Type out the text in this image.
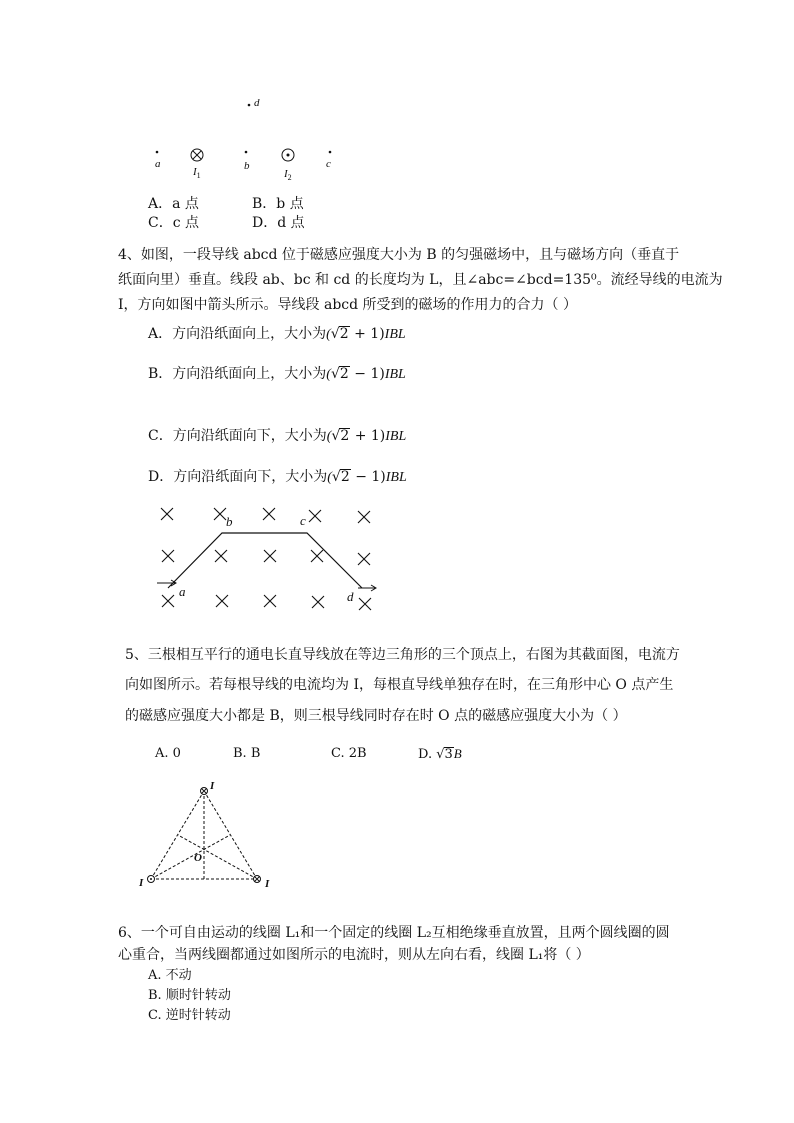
d
a	b	c
$I_1$	$I_2$
A．a 点	B．b 点
C．c 点	D．d 点
4、如图，一段导线 abcd 位于磁感应强度大小为 B 的匀强磁场中，且与磁场方向（垂直于
纸面向里）垂直。线段 ab、bc 和 cd 的长度均为 L，且∠abc=∠bcd=135⁰。流经导线的电流为
I，方向如图中箭头所示。导线段 abcd 所受到的磁场的作用力的合力（ ）
A．方向沿纸面向上，大小为(√2 + 1)IBL
B．方向沿纸面向上，大小为(√2 − 1)IBL
C．方向沿纸面向下，大小为(√2 + 1)IBL
D．方向沿纸面向下，大小为(√2 − 1)IBL
a
b	c
d
5、三根相互平行的通电长直导线放在等边三角形的三个顶点上，右图为其截面图，电流方
向如图所示。若每根导线的电流均为 I，每根直导线单独存在时，在三角形中心 O 点产生
的磁感应强度大小都是 B，则三根导线同时存在时 O 点的磁感应强度大小为（ ）
A. 0	B. B	C. 2B	D. √3B
I
I	I
O
6、一个可自由运动的线圈 L₁和一个固定的线圈 L₂互相绝缘垂直放置，且两个圆线圈的圆
心重合，当两线圈都通过如图所示的电流时，则从左向右看，线圈 L₁将（ ）
A. 不动
B. 顺时针转动
C. 逆时针转动
